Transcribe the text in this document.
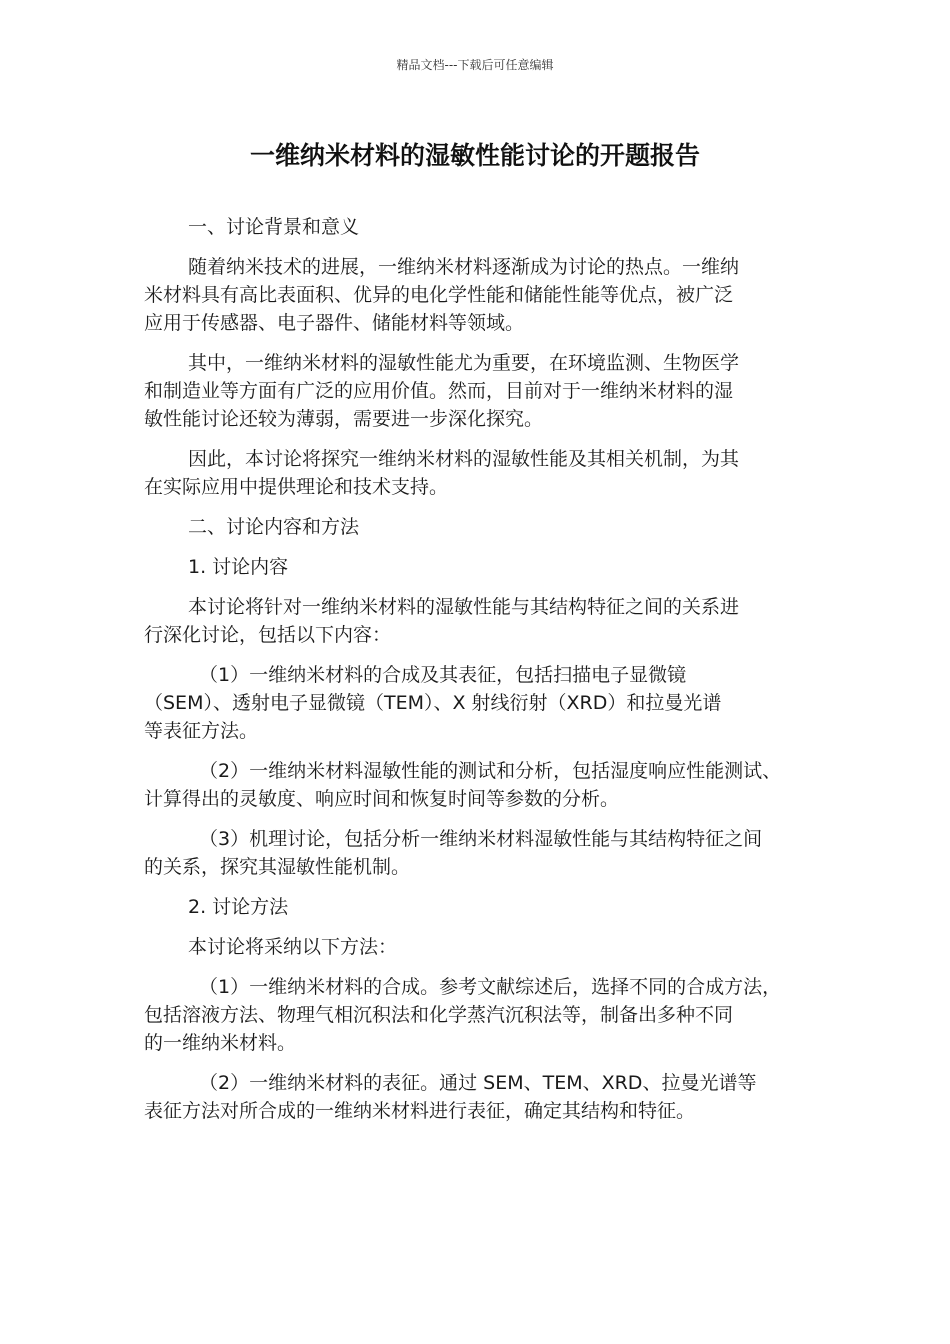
精品文档---下载后可任意编辑
一维纳米材料的湿敏性能讨论的开题报告

一、讨论背景和意义

随着纳米技术的进展，一维纳米材料逐渐成为讨论的热点。一维纳
米材料具有高比表面积、优异的电化学性能和储能性能等优点，被广泛
应用于传感器、电子器件、储能材料等领域。

其中，一维纳米材料的湿敏性能尤为重要，在环境监测、生物医学
和制造业等方面有广泛的应用价值。然而，目前对于一维纳米材料的湿
敏性能讨论还较为薄弱，需要进一步深化探究。

因此，本讨论将探究一维纳米材料的湿敏性能及其相关机制，为其
在实际应用中提供理论和技术支持。

二、讨论内容和方法

1. 讨论内容

本讨论将针对一维纳米材料的湿敏性能与其结构特征之间的关系进
行深化讨论，包括以下内容：

（1）一维纳米材料的合成及其表征，包括扫描电子显微镜
（SEM）、透射电子显微镜（TEM）、X 射线衍射（XRD）和拉曼光谱
等表征方法。

（2）一维纳米材料湿敏性能的测试和分析，包括湿度响应性能测试、
计算得出的灵敏度、响应时间和恢复时间等参数的分析。

（3）机理讨论，包括分析一维纳米材料湿敏性能与其结构特征之间
的关系，探究其湿敏性能机制。

2. 讨论方法

本讨论将采纳以下方法：

（1）一维纳米材料的合成。参考文献综述后，选择不同的合成方法，
包括溶液方法、物理气相沉积法和化学蒸汽沉积法等，制备出多种不同
的一维纳米材料。

（2）一维纳米材料的表征。通过 SEM、TEM、XRD、拉曼光谱等
表征方法对所合成的一维纳米材料进行表征，确定其结构和特征。
